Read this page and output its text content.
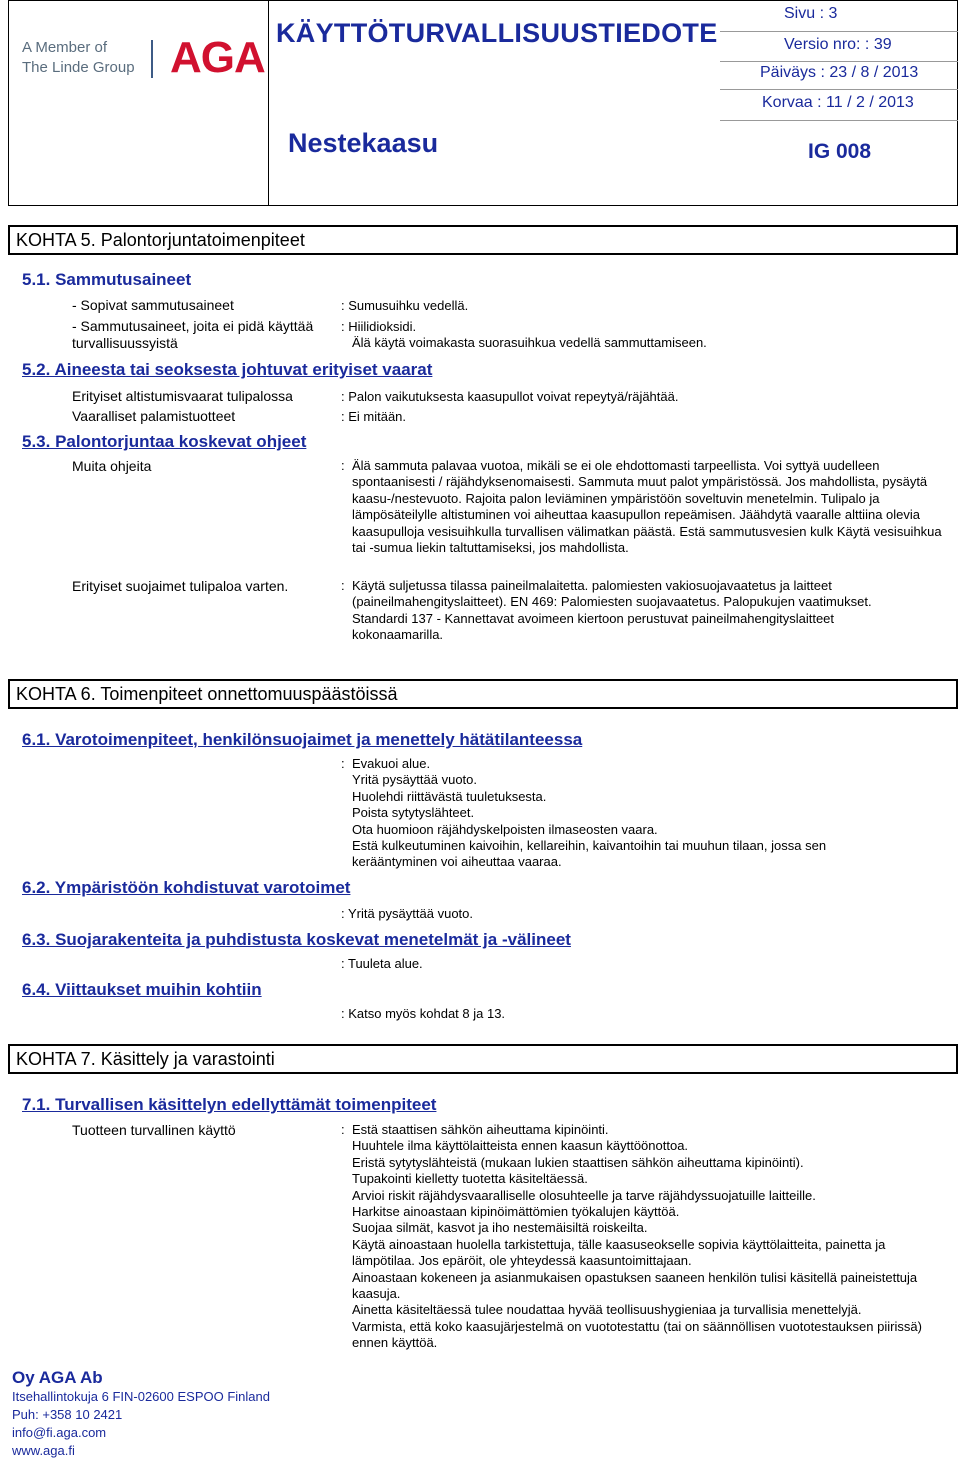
A Member of
The Linde Group AGA KÄYTTÖTURVALLISUUSTIEDOTE
Sivu : 3
Versio nro: : 39
Päiväys : 23 / 8 / 2013
Korvaa : 11 / 2 / 2013
Nestekaasu	IG 008
KOHTA 5. Palontorjuntatoimenpiteet
5.1. Sammutusaineet
- Sopivat sammutusaineet	: Sumusuihku vedellä.
- Sammutusaineet, joita ei pidä käyttää
turvallisuussyistä
: Hiilidioksidi.
Älä käytä voimakasta suorasuihkua vedellä sammuttamiseen.
5.2. Aineesta tai seoksesta johtuvat erityiset vaarat
Erityiset altistumisvaarat tulipalossa	: Palon vaikutuksesta kaasupullot voivat repeytyä/räjähtää.
Vaaralliset palamistuotteet	: Ei mitään.
5.3. Palontorjuntaa koskevat ohjeet
Muita ohjeita	: Älä sammuta palavaa vuotoa, mikäli se ei ole ehdottomasti tarpeellista. Voi syttyä uudelleen spontaanisesti / räjähdyksenomaisesti. Sammuta muut palot ympäristössä. Jos mahdollista, pysäytä kaasu-/nestevuoto. Rajoita palon leviäminen ympäristöön soveltuvin menetelmin. Tulipalo ja lämpösäteilylle altistuminen voi aiheuttaa kaasupullon repeämisen. Jäähdytä vaaralle alttiina olevia kaasupulloja vesisuihkulla turvallisen välimatkan päästä. Estä sammutusvesien kulk Käytä vesisuihkua tai -sumua liekin taltuttamiseksi, jos mahdollista.
Erityiset suojaimet tulipaloa varten.	: Käytä suljetussa tilassa paineilmalaitetta. palomiesten vakiosuojavaatetus ja laitteet (paineilmahengityslaitteet). EN 469: Palomiesten suojavaatetus. Palopukujen vaatimukset. Standardi 137 - Kannettavat avoimeen kiertoon perustuvat paineilmahengityslaitteet kokonaamarilla.
KOHTA 6. Toimenpiteet onnettomuuspäästöissä
6.1. Varotoimenpiteet, henkilönsuojaimet ja menettely hätätilanteessa
: Evakuoi alue.
Yritä pysäyttää vuoto.
Huolehdi riittävästä tuuletuksesta.
Poista sytytyslähteet.
Ota huomioon räjähdyskelpoisten ilmaseosten vaara.
Estä kulkeutuminen kaivoihin, kellareihin, kaivantoihin tai muuhun tilaan, jossa sen kerääntyminen voi aiheuttaa vaaraa.
6.2. Ympäristöön kohdistuvat varotoimet
: Yritä pysäyttää vuoto.
6.3. Suojarakenteita ja puhdistusta koskevat menetelmät ja -välineet
: Tuuleta alue.
6.4. Viittaukset muihin kohtiin
: Katso myös kohdat 8 ja 13.
KOHTA 7. Käsittely ja varastointi
7.1. Turvallisen käsittelyn edellyttämät toimenpiteet
Tuotteen turvallinen käyttö	: Estä staattisen sähkön aiheuttama kipinöinti.
Huuhtele ilma käyttölaitteista ennen kaasun käyttöönottoa.
Eristä sytytyslähteistä (mukaan lukien staattisen sähkön aiheuttama kipinöinti).
Tupakointi kielletty tuotetta käsiteltäessä.
Arvioi riskit räjähdysvaaralliselle olosuhteelle ja tarve räjähdyssuojatuille laitteille.
Harkitse ainoastaan kipinöimättömien työkalujen käyttöä.
Suojaa silmät, kasvot ja iho nestemäisiltä roiskeilta.
Käytä ainoastaan huolella tarkistettuja, tälle kaasuseokselle sopivia käyttölaitteita, painetta ja lämpötilaa. Jos epäröit, ole yhteydessä kaasuntoimittajaan.
Ainoastaan kokeneen ja asianmukaisen opastuksen saaneen henkilön tulisi käsitellä paineistettuja kaasuja.
Ainetta käsiteltäessä tulee noudattaa hyvää teollisuushygieniaa ja turvallisia menettelyjä.
Varmista, että koko kaasujärjestelmä on vuototestattu (tai on säännöllisen vuototestauksen piirissä) ennen käyttöä.
Oy AGA Ab
Itsehallintokuja 6 FIN-02600 ESPOO Finland
Puh: +358 10 2421
info@fi.aga.com
www.aga.fi
